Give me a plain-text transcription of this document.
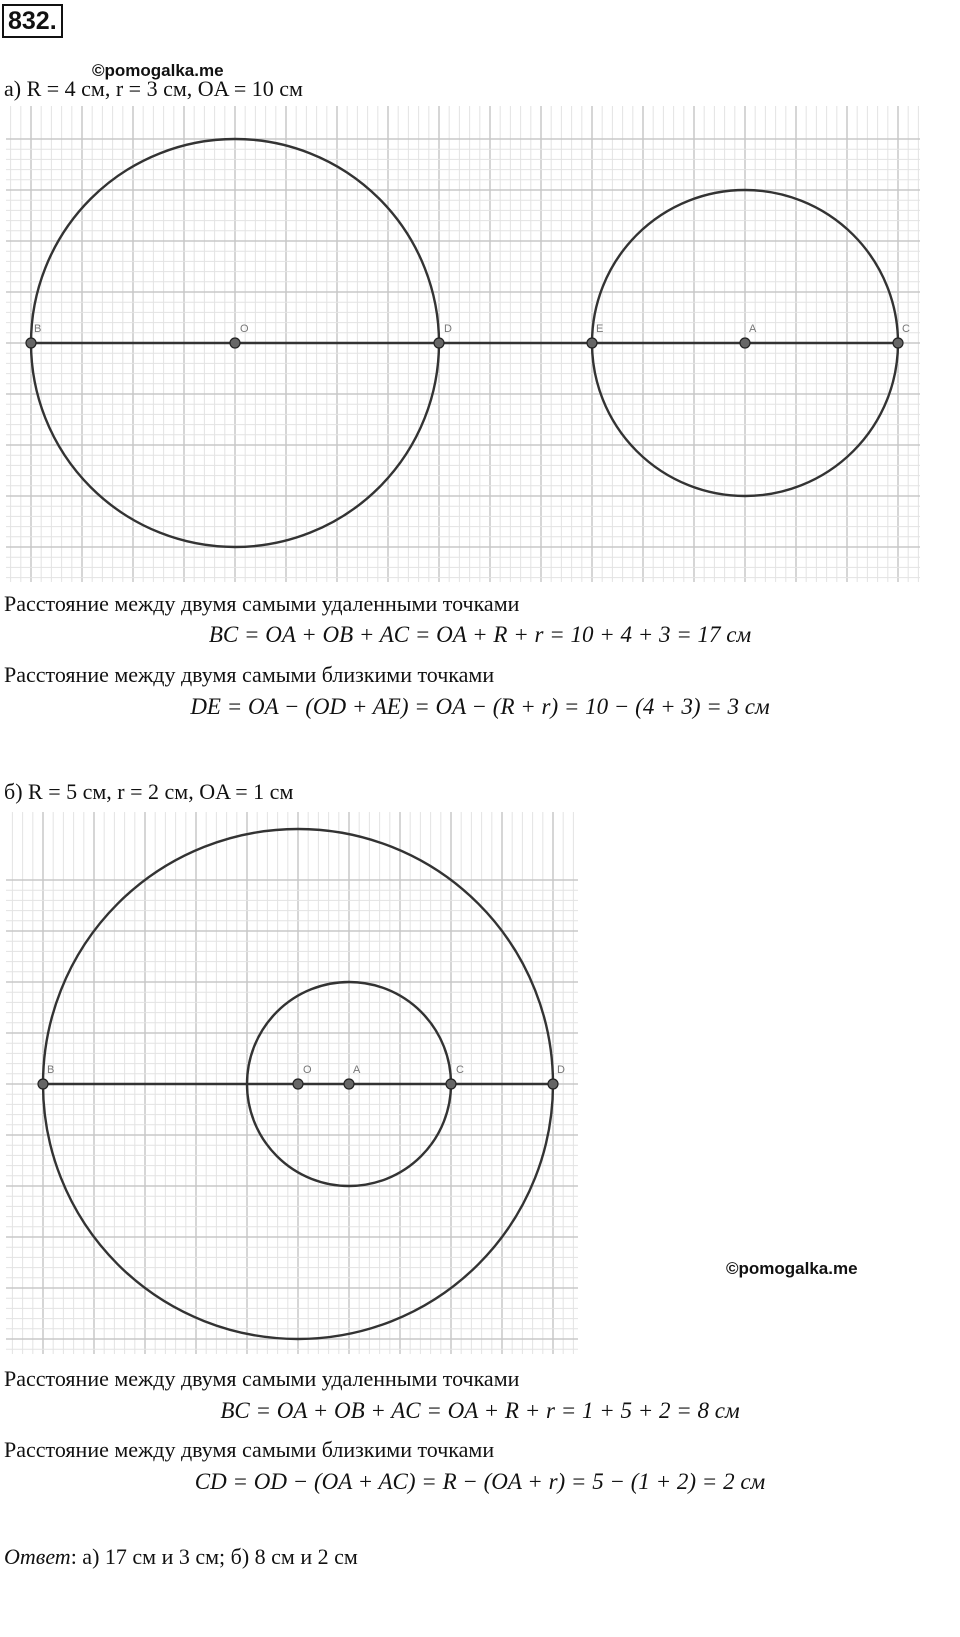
832.
©pomogalka.me
а) R = 4 см, r = 3 см, OA = 10 см
B	O	D	E	A	C
Расстояние между двумя самыми удаленными точками
BC = OA + OB + AC = OA + R + r = 10 + 4 + 3 = 17 см
Расстояние между двумя самыми близкими точками
DE = OA − (OD + AE) = OA − (R + r) = 10 − (4 + 3) = 3 см
б) R = 5 см, r = 2 см, OA = 1 см
B	O	A	C	D
©pomogalka.me
Расстояние между двумя самыми удаленными точками
BC = OA + OB + AC = OA + R + r = 1 + 5 + 2 = 8 см
Расстояние между двумя самыми близкими точками
CD = OD − (OA + AC) = R − (OA + r) = 5 − (1 + 2) = 2 см
Ответ: а) 17 см и 3 см; б) 8 см и 2 см
